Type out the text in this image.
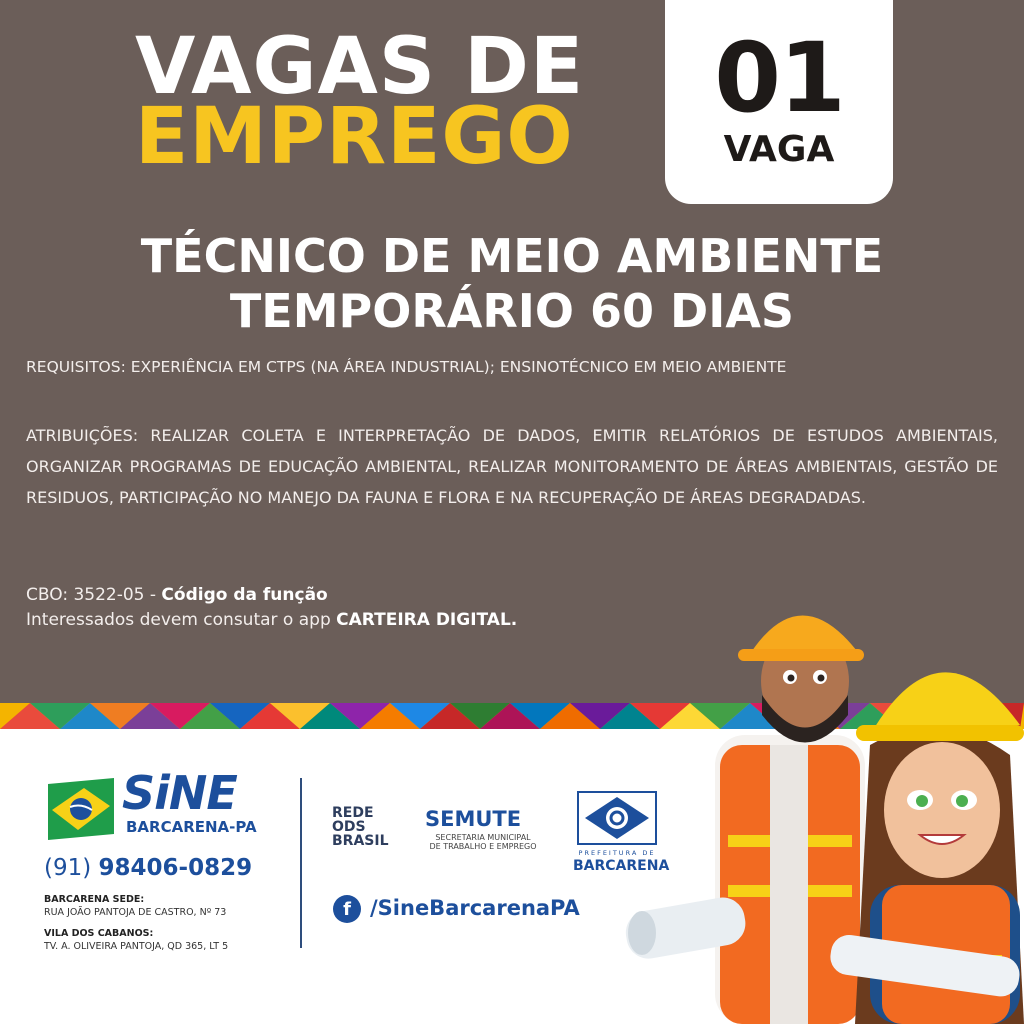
VAGAS DE
EMPREGO
01
VAGA
TÉCNICO DE MEIO AMBIENTE
TEMPORÁRIO 60 DIAS
REQUISITOS: EXPERIÊNCIA EM CTPS (NA ÁREA INDUSTRIAL); ENSINOTÉCNICO EM MEIO AMBIENTE
ATRIBUIÇÕES: REALIZAR COLETA E INTERPRETAÇÃO DE DADOS, EMITIR RELATÓRIOS DE ESTUDOS AMBIENTAIS, ORGANIZAR PROGRAMAS DE EDUCAÇÃO AMBIENTAL, REALIZAR MONITORAMENTO DE ÁREAS AMBIENTAIS, GESTÃO DE RESIDUOS, PARTICIPAÇÃO NO MANEJO DA FAUNA E FLORA E NA RECUPERAÇÃO DE ÁREAS DEGRADADAS.
CBO: 3522-05 - Código da função
Interessados devem consutar o app CARTEIRA DIGITAL.
SiNE
BARCARENA-PA
(91) 98406-0829
BARCARENA SEDE:
RUA JOÃO PANTOJA DE CASTRO, Nº 73
VILA DOS CABANOS:
TV. A. OLIVEIRA PANTOJA, QD 365, LT 5
REDE
ODS
BRASIL
SEMUTE
SECRETARIA MUNICIPAL
DE TRABALHO E EMPREGO
PREFEITURA DE
BARCARENA
f /SineBarcarenaPA
